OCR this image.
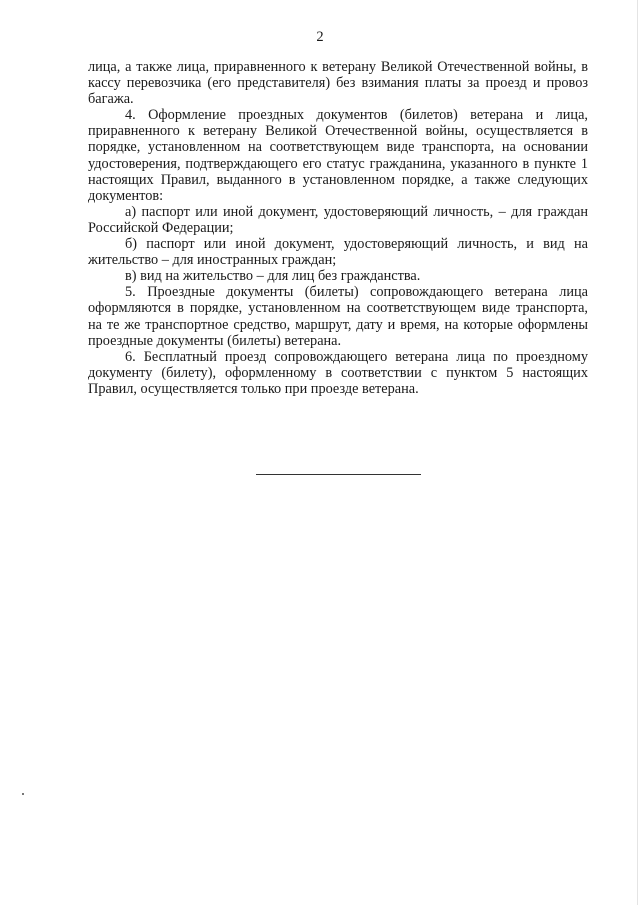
2

лица, а также лица, приравненного к ветерану Великой Отечественной войны, в кассу перевозчика (его представителя) без взимания платы за проезд и провоз багажа.

4. Оформление проездных документов (билетов) ветерана и лица, приравненного к ветерану Великой Отечественной войны, осуществляется в порядке, установленном на соответствующем виде транспорта, на основании удостоверения, подтверждающего его статус гражданина, указанного в пункте 1 настоящих Правил, выданного в установленном порядке, а также следующих документов:

а) паспорт или иной документ, удостоверяющий личность, – для граждан Российской Федерации;

б) паспорт или иной документ, удостоверяющий личность, и вид на жительство – для иностранных граждан;

в) вид на жительство – для лиц без гражданства.

5. Проездные документы (билеты) сопровождающего ветерана лица оформляются в порядке, установленном на соответствующем виде транспорта, на те же транспортное средство, маршрут, дату и время, на которые оформлены проездные документы (билеты) ветерана.

6. Бесплатный проезд сопровождающего ветерана лица по проездному документу (билету), оформленному в соответствии с пунктом 5 настоящих Правил, осуществляется только при проезде ветерана.
